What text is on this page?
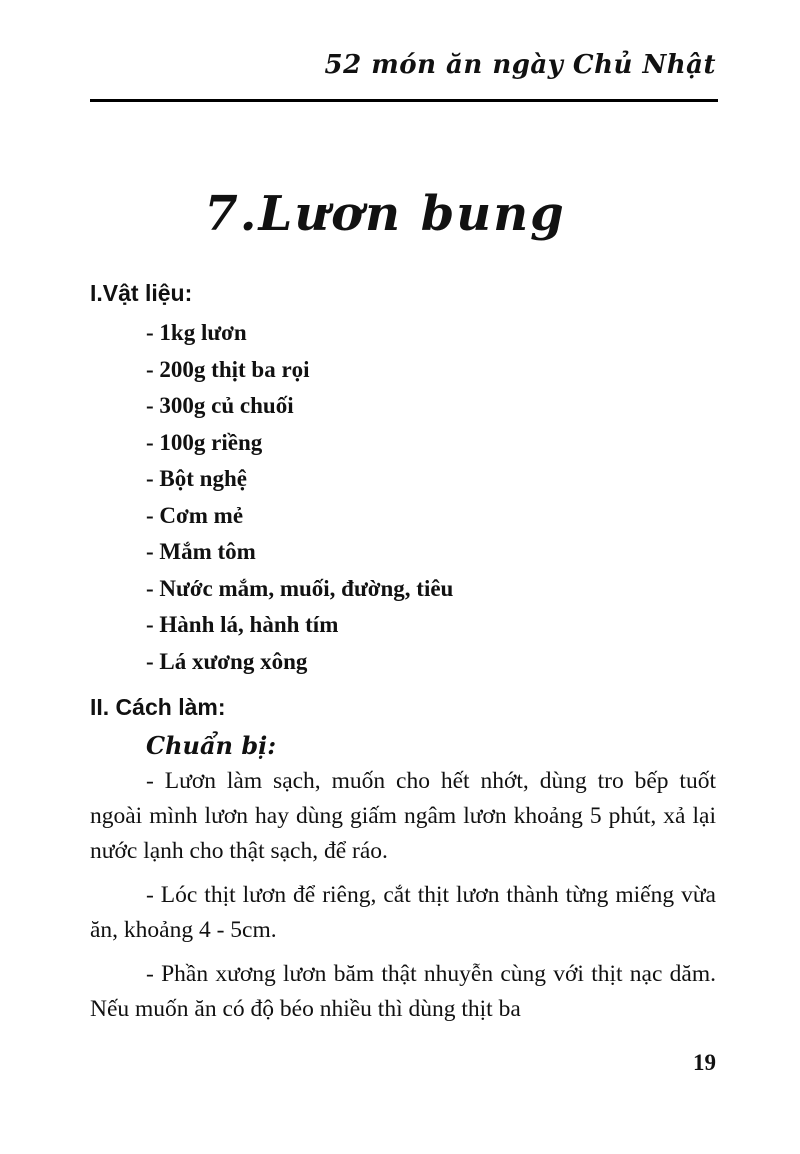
52 món ăn ngày Chủ Nhật
7.Lươn bung
I.Vật liệu:
- 1kg lươn
- 200g thịt ba rọi
- 300g củ chuối
- 100g riềng
- Bột nghệ
- Cơm mẻ
- Mắm tôm
- Nước mắm, muối, đường, tiêu
- Hành lá, hành tím
- Lá xương xông
II. Cách làm:
Chuẩn bị:

- Lươn làm sạch, muốn cho hết nhớt, dùng tro bếp tuốt ngoài mình lươn hay dùng giấm ngâm lươn khoảng 5 phút, xả lại nước lạnh cho thật sạch, để ráo.

- Lóc thịt lươn để riêng, cắt thịt lươn thành từng miếng vừa ăn, khoảng 4 - 5cm.

- Phần xương lươn băm thật nhuyễn cùng với thịt nạc dăm. Nếu muốn ăn có độ béo nhiều thì dùng thịt ba

19
